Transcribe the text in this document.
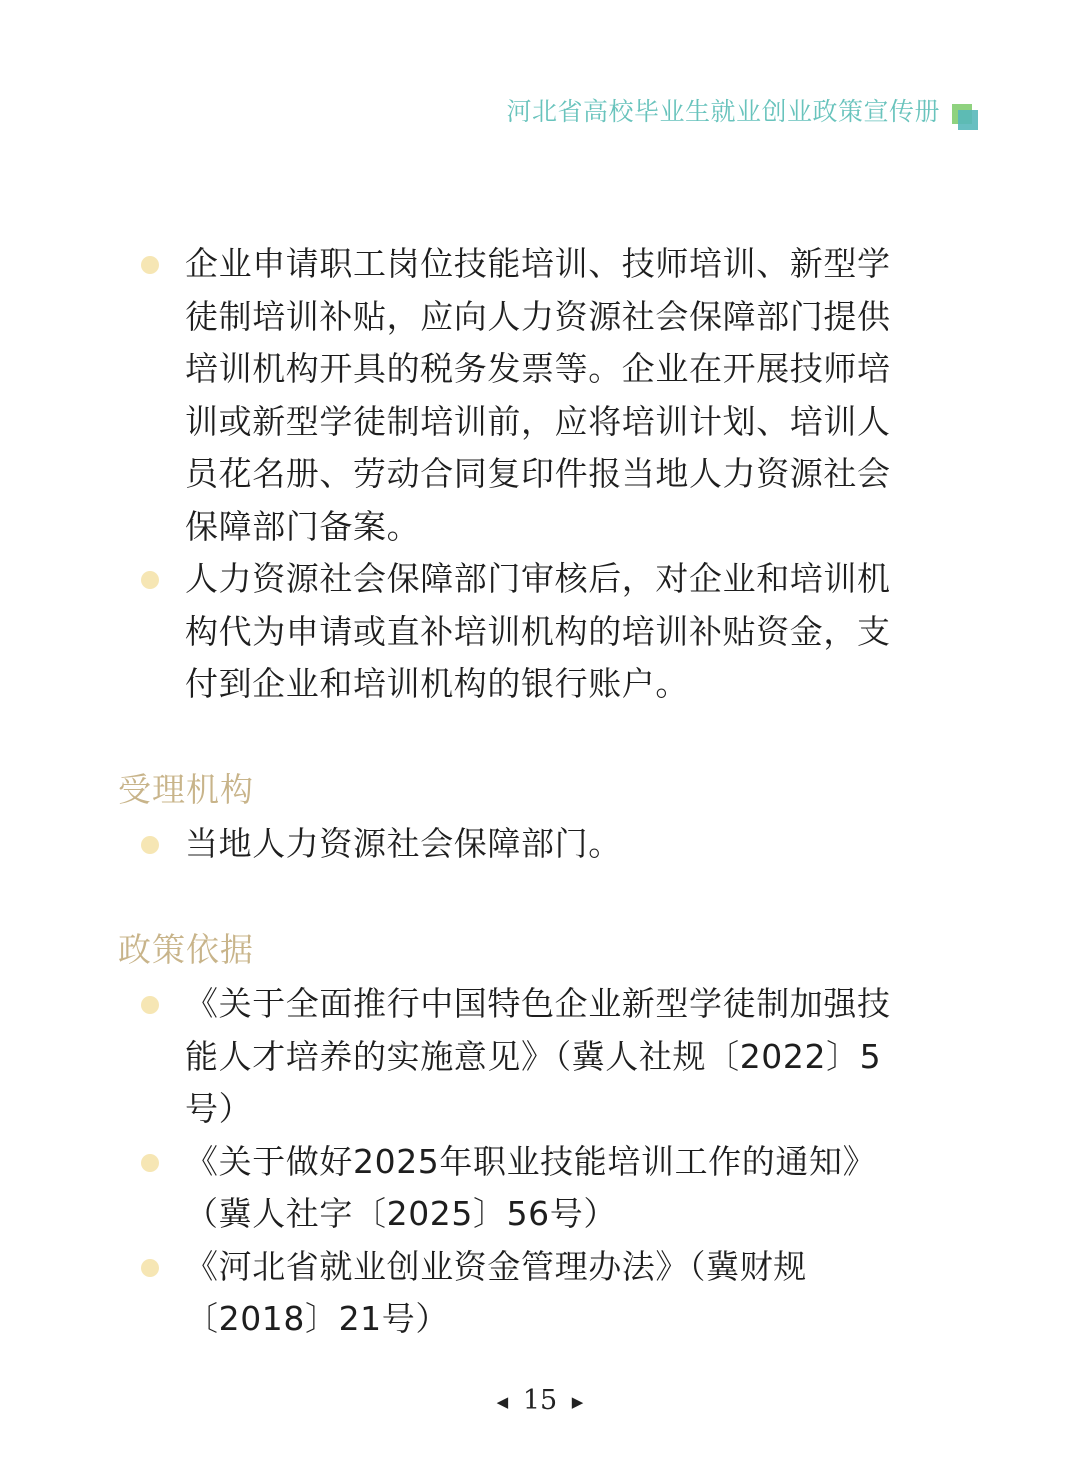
河北省高校毕业生就业创业政策宣传册
企业申请职工岗位技能培训、技师培训、新型学徒制培训补贴，应向人力资源社会保障部门提供培训机构开具的税务发票等。企业在开展技师培训或新型学徒制培训前，应将培训计划、培训人员花名册、劳动合同复印件报当地人力资源社会保障部门备案。
人力资源社会保障部门审核后，对企业和培训机构代为申请或直补培训机构的培训补贴资金，支付到企业和培训机构的银行账户。
受理机构
当地人力资源社会保障部门。
政策依据
《关于全面推行中国特色企业新型学徒制加强技能人才培养的实施意见》（冀人社规〔2022〕5号）
《关于做好2025年职业技能培训工作的通知》（冀人社字〔2025〕56号）
《河北省就业创业资金管理办法》（冀财规〔2018〕21号）
◀ 15 ▶
